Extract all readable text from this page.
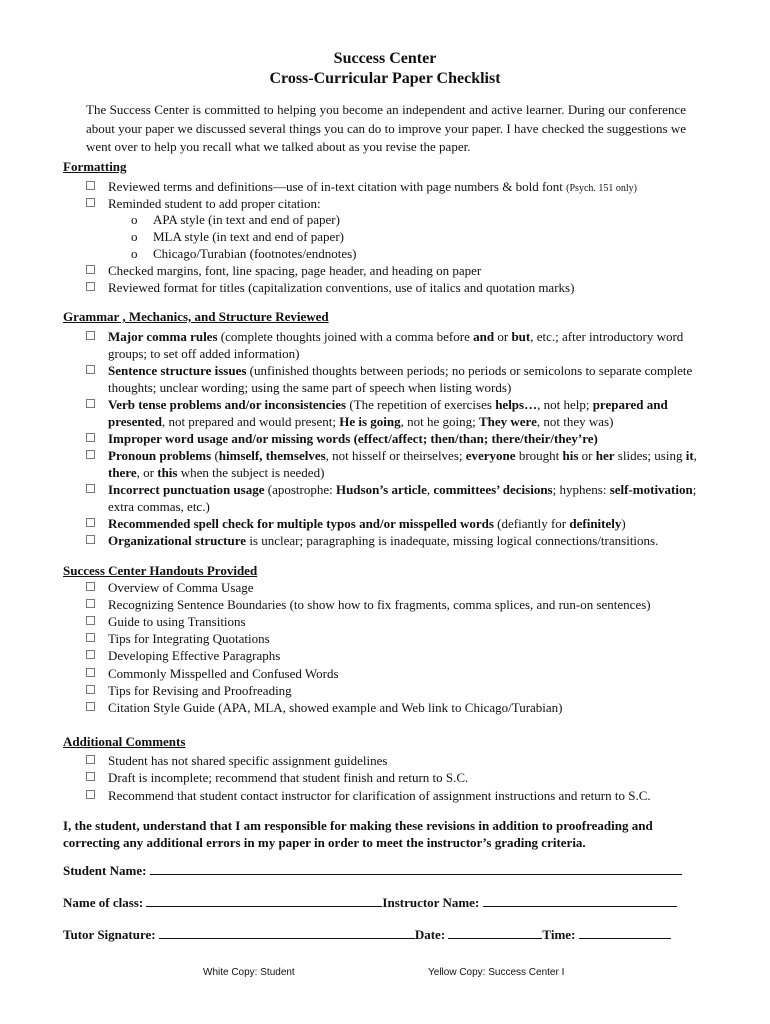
Success Center
Cross-Curricular Paper Checklist
The Success Center is committed to helping you become an independent and active learner. During our conference about your paper we discussed several things you can do to improve your paper. I have checked the suggestions we went over to help you recall what we talked about as you revise the paper.
Formatting
Reviewed terms and definitions—use of in-text citation with page numbers & bold font (Psych. 151 only)
Reminded student to add proper citation:
o APA style (in text and end of paper)
o MLA style (in text and end of paper)
o Chicago/Turabian (footnotes/endnotes)
Checked margins, font, line spacing, page header, and heading on paper
Reviewed format for titles (capitalization conventions, use of italics and quotation marks)
Grammar , Mechanics, and Structure Reviewed
Major comma rules (complete thoughts joined with a comma before and or but, etc.; after introductory word groups; to set off added information)
Sentence structure issues (unfinished thoughts between periods; no periods or semicolons to separate complete thoughts; unclear wording; using the same part of speech when listing words)
Verb tense problems and/or inconsistencies (The repetition of exercises helps…, not help; prepared and presented, not prepared and would present; He is going, not he going; They were, not they was)
Improper word usage and/or missing words (effect/affect; then/than; there/their/they’re)
Pronoun problems (himself, themselves, not hisself or theirselves; everyone brought his or her slides; using it, there, or this when the subject is needed)
Incorrect punctuation usage (apostrophe: Hudson’s article, committees’ decisions; hyphens: self-motivation; extra commas, etc.)
Recommended spell check for multiple typos and/or misspelled words (defiantly for definitely)
Organizational structure is unclear; paragraphing is inadequate, missing logical connections/transitions.
Success Center Handouts Provided
Overview of Comma Usage
Recognizing Sentence Boundaries (to show how to fix fragments, comma splices, and run-on sentences)
Guide to using Transitions
Tips for Integrating Quotations
Developing Effective Paragraphs
Commonly Misspelled and Confused Words
Tips for Revising and Proofreading
Citation Style Guide (APA, MLA, showed example and Web link to Chicago/Turabian)
Additional Comments
Student has not shared specific assignment guidelines
Draft is incomplete; recommend that student finish and return to S.C.
Recommend that student contact instructor for clarification of assignment instructions and return to S.C.
I, the student, understand that I am responsible for making these revisions in addition to proofreading and correcting any additional errors in my paper in order to meet the instructor’s grading criteria.
Student Name:
Name of class:	Instructor Name:
Tutor Signature:	Date:	Time:
White Copy: Student	Yellow Copy: Success Center I
